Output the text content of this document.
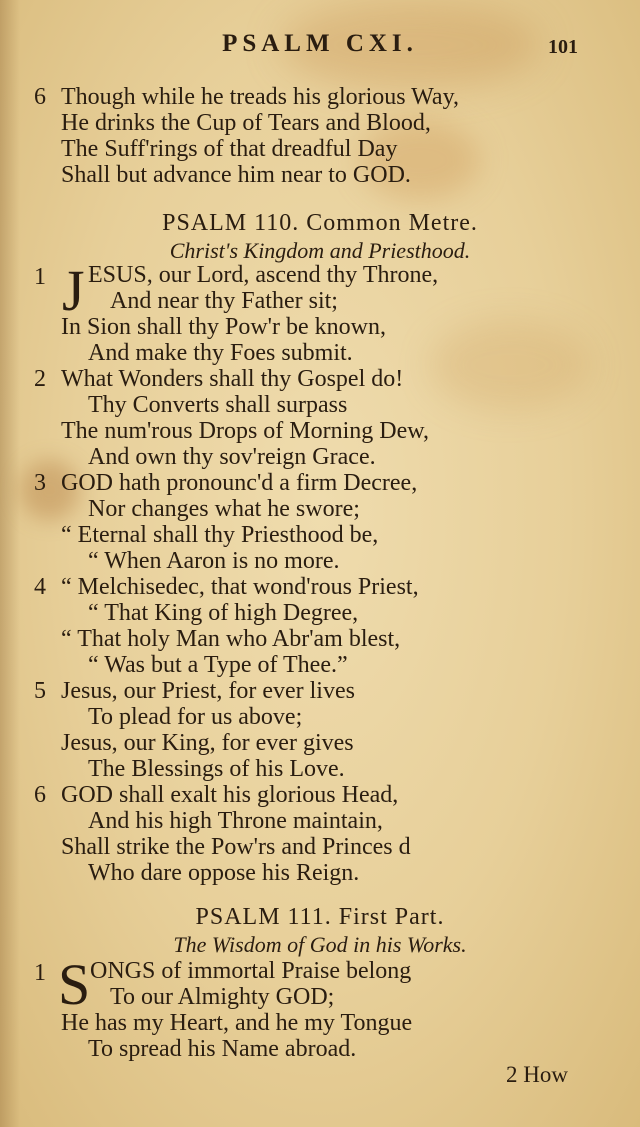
PSALM CXI.	101
6 Though while he treads his glorious Way,
He drinks the Cup of Tears and Blood,
The Suff'rings of that dreadful Day
Shall but advance him near to GOD.
PSALM 110. Common Metre.
Christ's Kingdom and Priesthood.
1 J ESUS, our Lord, ascend thy Throne,
And near thy Father sit;
In Sion shall thy Pow'r be known,
And make thy Foes submit.
2 What Wonders shall thy Gospel do!
Thy Converts shall surpass
The num'rous Drops of Morning Dew,
And own thy sov'reign Grace.
3 GOD hath pronounc'd a firm Decree,
Nor changes what he swore;
“ Eternal shall thy Priesthood be,
“ When Aaron is no more.
4 “ Melchisedec, that wond'rous Priest,
“ That King of high Degree,
“ That holy Man who Abr'am blest,
“ Was but a Type of Thee.”
5 Jesus, our Priest, for ever lives
To plead for us above;
Jesus, our King, for ever gives
The Blessings of his Love.
6 GOD shall exalt his glorious Head,
And his high Throne maintain,
Shall strike the Pow'rs and Princes d
Who dare oppose his Reign.
PSALM 111. First Part.
The Wisdom of God in his Works.
1 S ONGS of immortal Praise belong
To our Almighty GOD;
He has my Heart, and he my Tongue
To spread his Name abroad.
2 How
